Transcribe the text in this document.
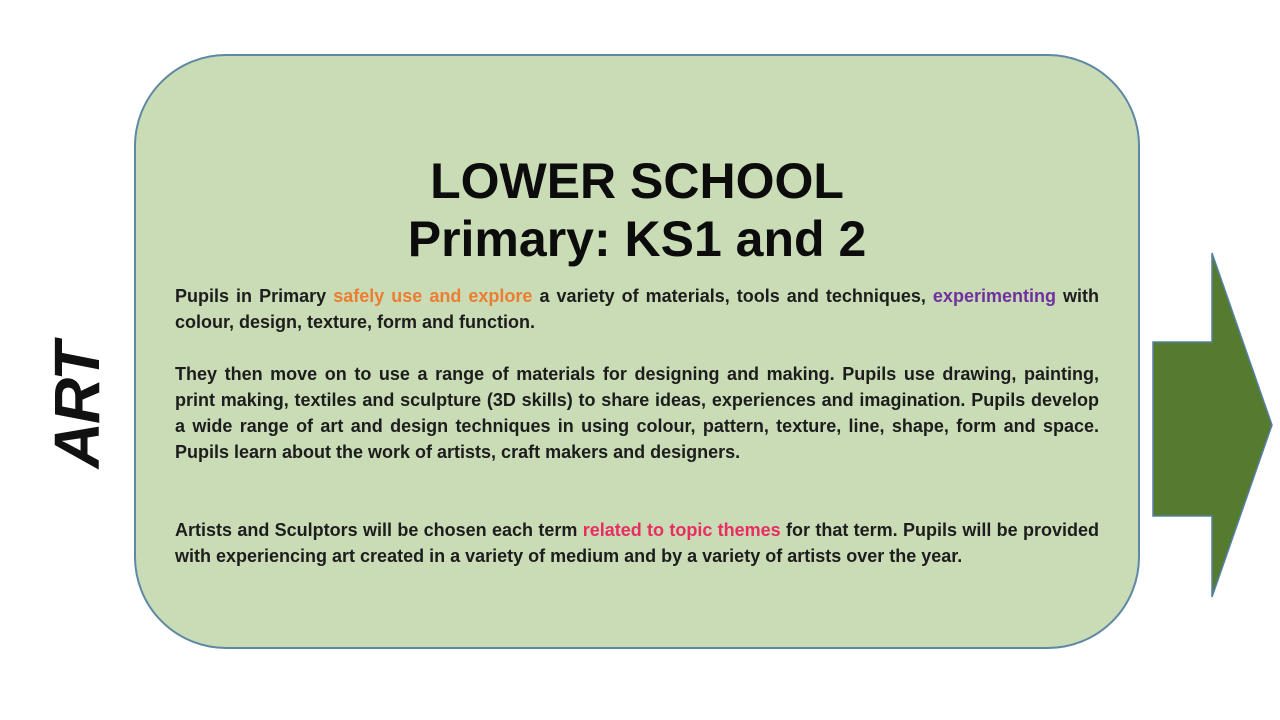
ART
LOWER SCHOOL
Primary: KS1 and 2

Pupils in Primary safely use and explore a variety of materials, tools and techniques, experimenting with colour, design, texture, form and function.

They then move on to use a range of materials for designing and making. Pupils use drawing, painting, print making, textiles and sculpture (3D skills) to share ideas, experiences and imagination. Pupils develop a wide range of art and design techniques in using colour, pattern, texture, line, shape, form and space. Pupils learn about the work of artists, craft makers and designers.

Artists and Sculptors will be chosen each term related to topic themes for that term. Pupils will be provided with experiencing art created in a variety of medium and by a variety of artists over the year.
